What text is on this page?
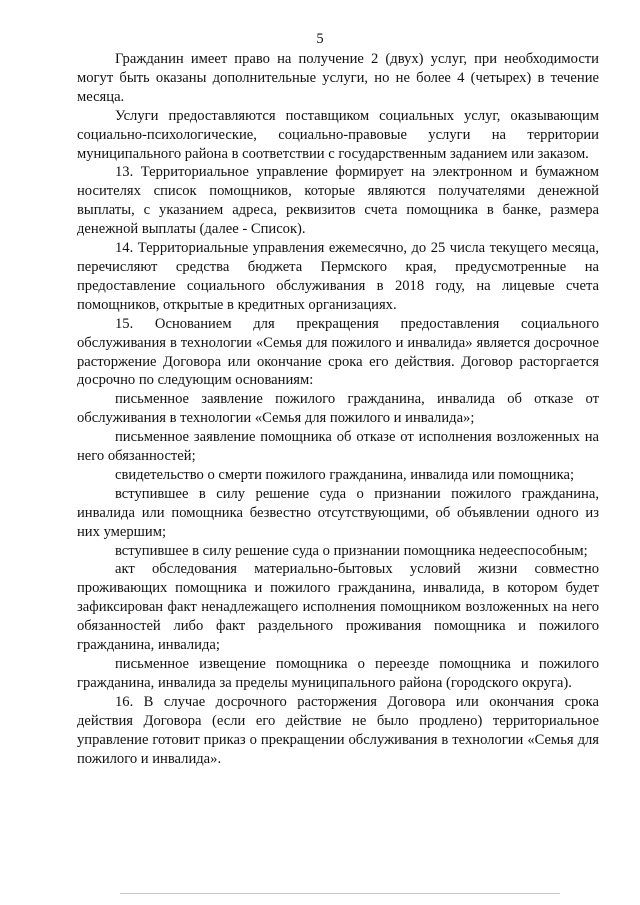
5

Гражданин имеет право на получение 2 (двух) услуг, при необходимости могут быть оказаны дополнительные услуги, но не более 4 (четырех) в течение месяца.

Услуги предоставляются поставщиком социальных услуг, оказывающим социально-психологические, социально-правовые услуги на территории муниципального района в соответствии с государственным заданием или заказом.

13. Территориальное управление формирует на электронном и бумажном носителях список помощников, которые являются получателями денежной выплаты, с указанием адреса, реквизитов счета помощника в банке, размера денежной выплаты (далее - Список).

14. Территориальные управления ежемесячно, до 25 числа текущего месяца, перечисляют средства бюджета Пермского края, предусмотренные на предоставление социального обслуживания в 2018 году, на лицевые счета помощников, открытые в кредитных организациях.

15. Основанием для прекращения предоставления социального обслуживания в технологии «Семья для пожилого и инвалида» является досрочное расторжение Договора или окончание срока его действия. Договор расторгается досрочно по следующим основаниям:

письменное заявление пожилого гражданина, инвалида об отказе от обслуживания в технологии «Семья для пожилого и инвалида»;

письменное заявление помощника об отказе от исполнения возложенных на него обязанностей;

свидетельство о смерти пожилого гражданина, инвалида или помощника;

вступившее в силу решение суда о признании пожилого гражданина, инвалида или помощника безвестно отсутствующими, об объявлении одного из них умершим;

вступившее в силу решение суда о признании помощника недееспособным;

акт обследования материально-бытовых условий жизни совместно проживающих помощника и пожилого гражданина, инвалида, в котором будет зафиксирован факт ненадлежащего исполнения помощником возложенных на него обязанностей либо факт раздельного проживания помощника и пожилого гражданина, инвалида;

письменное извещение помощника о переезде помощника и пожилого гражданина, инвалида за пределы муниципального района (городского округа).

16. В случае досрочного расторжения Договора или окончания срока действия Договора (если его действие не было продлено) территориальное управление готовит приказ о прекращении обслуживания в технологии «Семья для пожилого и инвалида».
